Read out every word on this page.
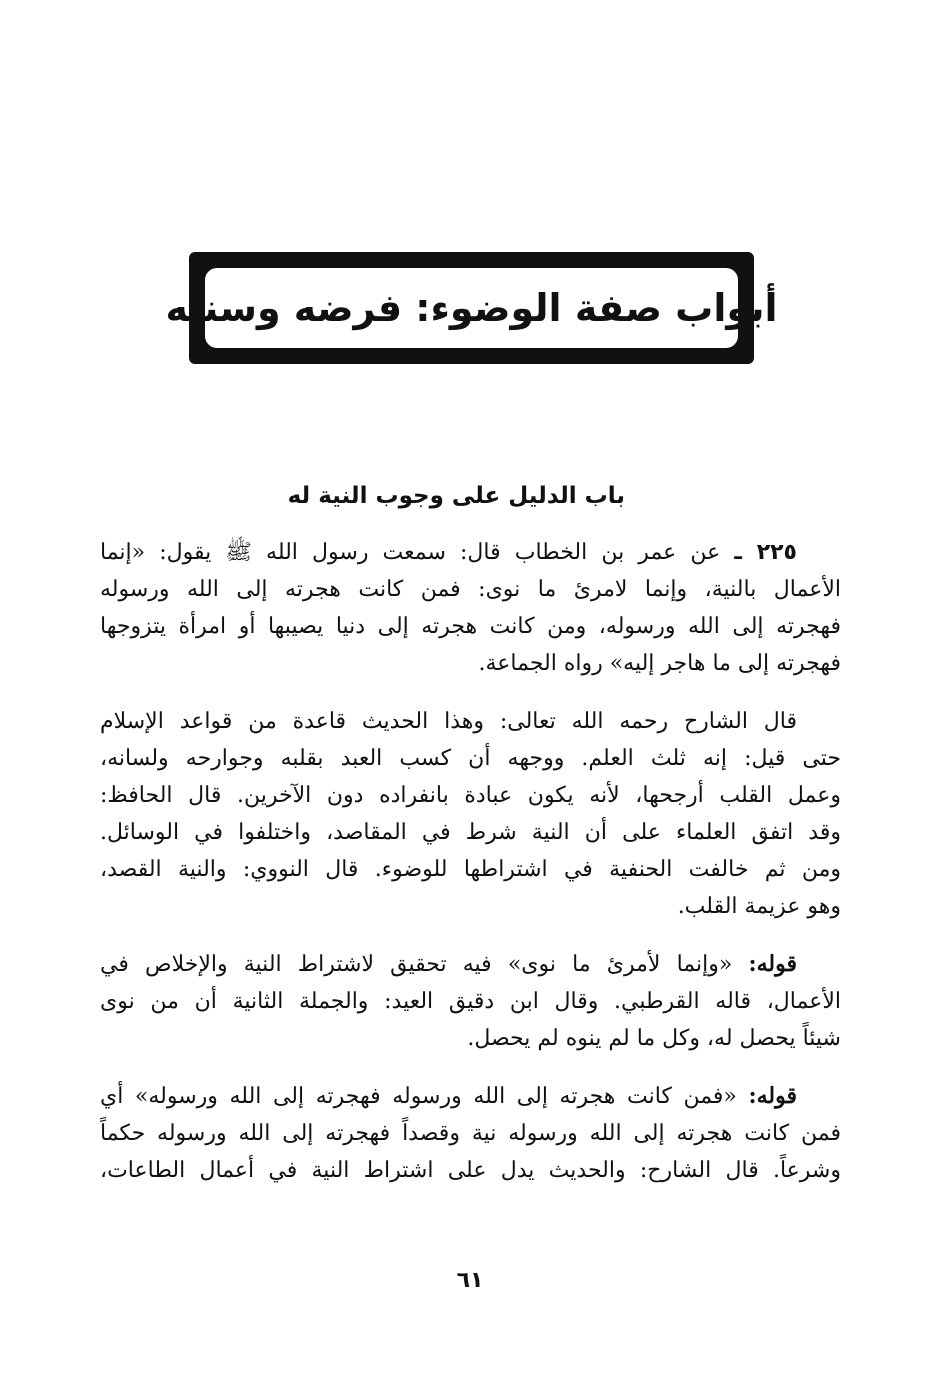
أبواب صفة الوضوء: فرضه وسننه
باب الدليل على وجوب النية له
٢٢٥ ـ عن عمر بن الخطاب قال: سمعت رسول الله ﷺ يقول: «إنما
الأعمال بالنية، وإنما لامرئ ما نوى: فمن كانت هجرته إلى الله ورسوله
فهجرته إلى الله ورسوله، ومن كانت هجرته إلى دنيا يصيبها أو امرأة يتزوجها
فهجرته إلى ما هاجر إليه» رواه الجماعة.
قال الشارح رحمه الله تعالى: وهذا الحديث قاعدة من قواعد الإسلام
حتى قيل: إنه ثلث العلم. ووجهه أن كسب العبد بقلبه وجوارحه ولسانه،
وعمل القلب أرجحها، لأنه يكون عبادة بانفراده دون الآخرين. قال الحافظ:
وقد اتفق العلماء على أن النية شرط في المقاصد، واختلفوا في الوسائل.
ومن ثم خالفت الحنفية في اشتراطها للوضوء. قال النووي: والنية القصد،
وهو عزيمة القلب.
قوله: «وإنما لأمرئ ما نوى» فيه تحقيق لاشتراط النية والإخلاص في
الأعمال، قاله القرطبي. وقال ابن دقيق العيد: والجملة الثانية أن من نوى
شيئاً يحصل له، وكل ما لم ينوه لم يحصل.
قوله: «فمن كانت هجرته إلى الله ورسوله فهجرته إلى الله ورسوله» أي
فمن كانت هجرته إلى الله ورسوله نية وقصداً فهجرته إلى الله ورسوله حكماً
وشرعاً. قال الشارح: والحديث يدل على اشتراط النية في أعمال الطاعات،
٦١
